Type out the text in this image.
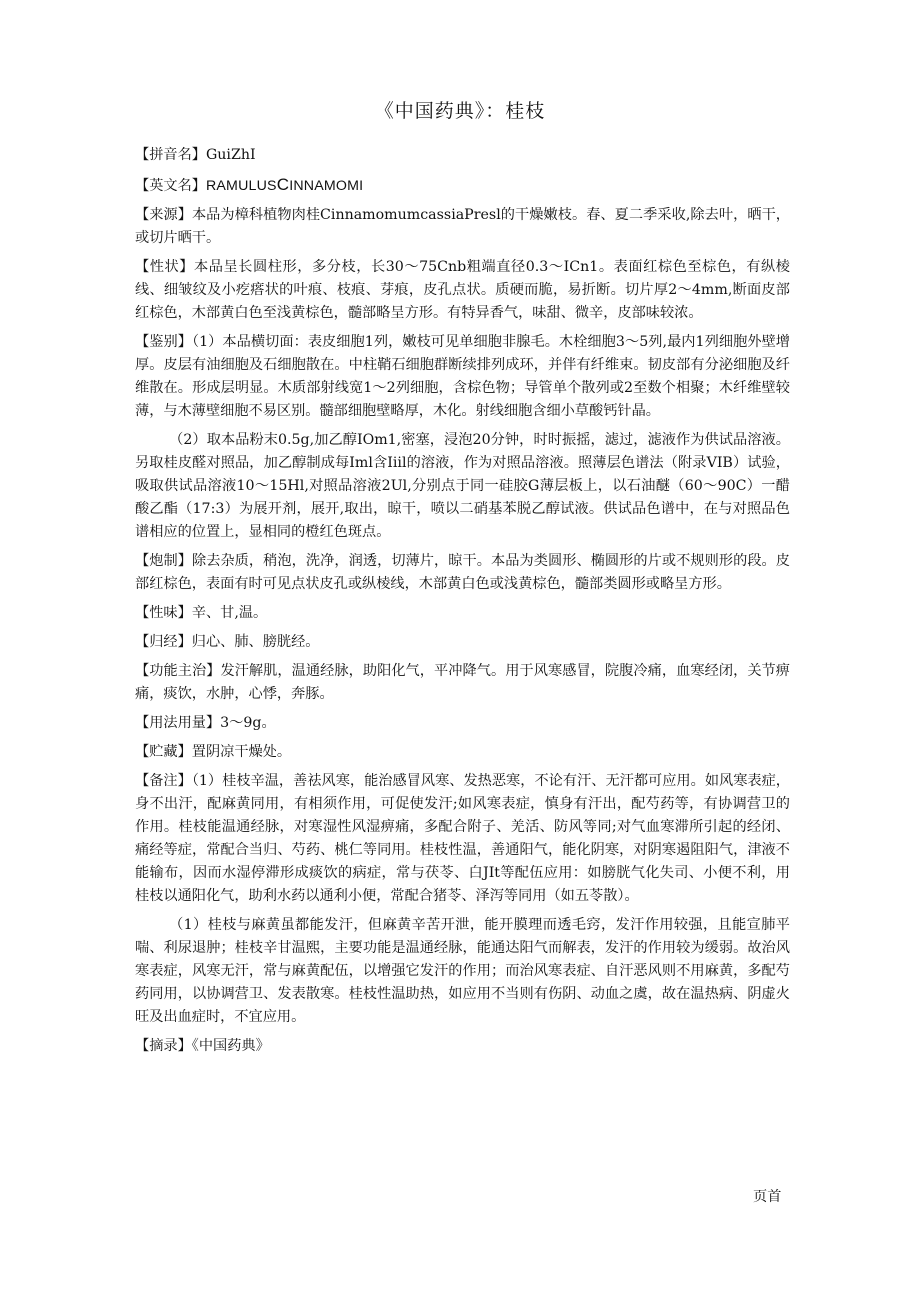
《中国药典》：桂枝

【拼音名】GuiZhI

【英文名】RAMULUSCINNAMOMI

【来源】本品为樟科植物肉桂CinnamomumcassiaPresl的干燥嫩枝。春、夏二季采收,除去叶，晒干，或切片晒干。

【性状】本品呈长圆柱形，多分枝，长30～75Cnb粗端直径0.3～ICn1。表面红棕色至棕色，有纵棱线、细皱纹及小疙瘩状的叶痕、枝痕、芽痕，皮孔点状。质硬而脆，易折断。切片厚2～4mm,断面皮部红棕色，木部黄白色至浅黄棕色，髓部略呈方形。有特异香气，味甜、微辛，皮部味较浓。

【鉴别】（1）本品横切面：表皮细胞1列，嫩枝可见单细胞非腺毛。木栓细胞3～5列,最内1列细胞外壁增厚。皮层有油细胞及石细胞散在。中柱鞘石细胞群断续排列成环，并伴有纤维束。韧皮部有分泌细胞及纤维散在。形成层明显。木质部射线宽1～2列细胞，含棕色物；导管单个散列或2至数个相聚；木纤维壁较薄，与木薄壁细胞不易区别。髓部细胞壁略厚，木化。射线细胞含细小草酸钙针晶。

（2）取本品粉末0.5g,加乙醇IOm1,密塞，浸泡20分钟，时时振摇，滤过，滤液作为供试品溶液。另取桂皮醛对照品，加乙醇制成每Iml含Iiil的溶液，作为对照品溶液。照薄层色谱法（附录VIB）试验，吸取供试品溶液10～15Hl,对照品溶液2Ul,分别点于同一硅胶G薄层板上，以石油醚（60～90C）一醋酸乙酯（17:3）为展开剂，展开,取出，晾干，喷以二硝基苯脱乙醇试液。供试品色谱中，在与对照品色谱相应的位置上，显相同的橙红色斑点。

【炮制】除去杂质，稍泡，洗净，润透，切薄片，晾干。本品为类圆形、椭圆形的片或不规则形的段。皮部红棕色，表面有时可见点状皮孔或纵棱线，木部黄白色或浅黄棕色，髓部类圆形或略呈方形。

【性味】辛、甘,温。

【归经】归心、肺、膀胱经。

【功能主治】发汗解肌，温通经脉，助阳化气，平冲降气。用于风寒感冒，院腹冷痛，血寒经闭，关节痹痛，痰饮，水肿，心悸，奔豚。

【用法用量】3～9g。

【贮藏】置阴凉干燥处。

【备注】（1）桂枝辛温，善祛风寒，能治感冒风寒、发热恶寒，不论有汗、无汗都可应用。如风寒表症，身不出汗，配麻黄同用，有相须作用，可促使发汗;如风寒表症，慎身有汗出，配芍药等，有协调营卫的作用。桂枝能温通经脉，对寒湿性风湿痹痛，多配合附子、羌活、防风等同;对气血寒滞所引起的经闭、痛经等症，常配合当归、芍药、桃仁等同用。桂枝性温，善通阳气，能化阴寒，对阴寒遏阻阳气，津液不能输布，因而水湿停滞形成痰饮的病症，常与茯苓、白JIt等配伍应用：如膀胱气化失司、小便不利，用桂枝以通阳化气，助利水药以通利小便，常配合猪苓、泽泻等同用（如五苓散）。

（1）桂枝与麻黄虽都能发汗，但麻黄辛苦开泄，能开膜理而透毛窍，发汗作用较强，且能宣肺平喘、利尿退肿；桂枝辛甘温熙，主要功能是温通经脉，能通达阳气而解表，发汗的作用较为缓弱。故治风寒表症，风寒无汗，常与麻黄配伍，以增强它发汗的作用；而治风寒表症、自汗恶风则不用麻黄，多配芍药同用，以协调营卫、发表散寒。桂枝性温助热，如应用不当则有伤阴、动血之虞，故在温热病、阴虚火旺及出血症时，不宜应用。

【摘录】《中国药典》

页首
